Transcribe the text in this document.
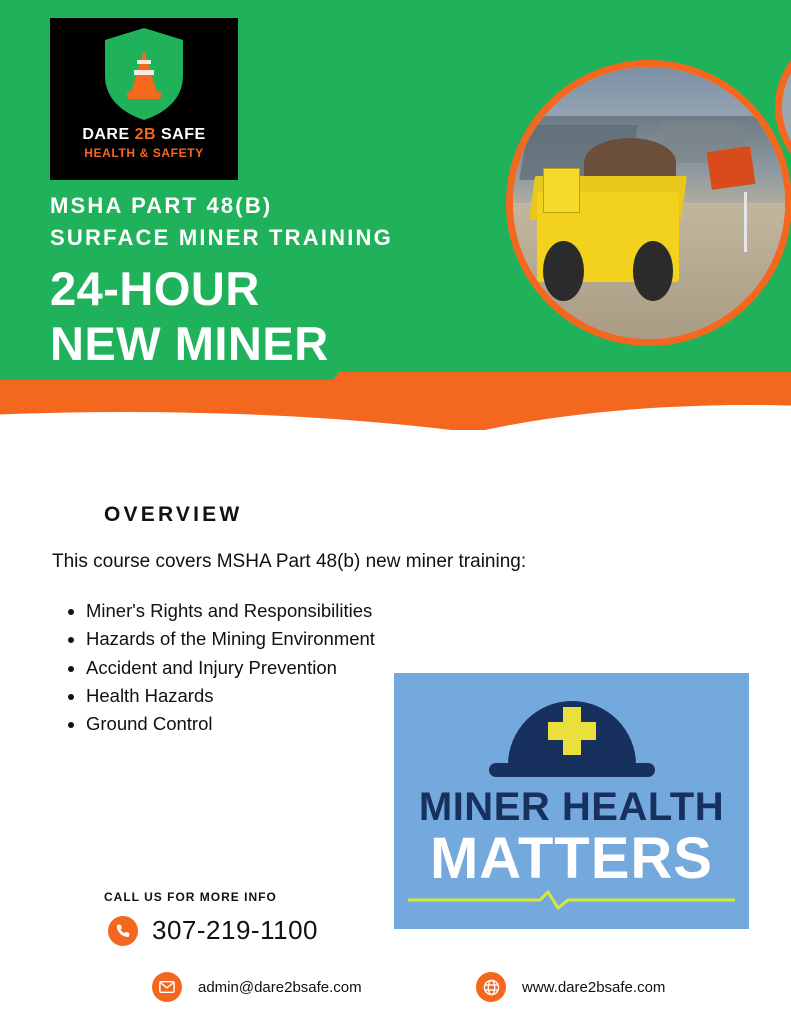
DARE 2B SAFE
HEALTH & SAFETY
MSHA PART 48(B)
SURFACE MINER TRAINING
24-HOUR
NEW MINER
OVERVIEW
This course covers MSHA Part 48(b) new miner training:
• Miner's Rights and Responsibilities
• Hazards of the Mining Environment
• Accident and Injury Prevention
• Health Hazards
• Ground Control
MINER HEALTH
MATTERS
CALL US FOR MORE INFO
307-219-1100
admin@dare2bsafe.com	www.dare2bsafe.com
